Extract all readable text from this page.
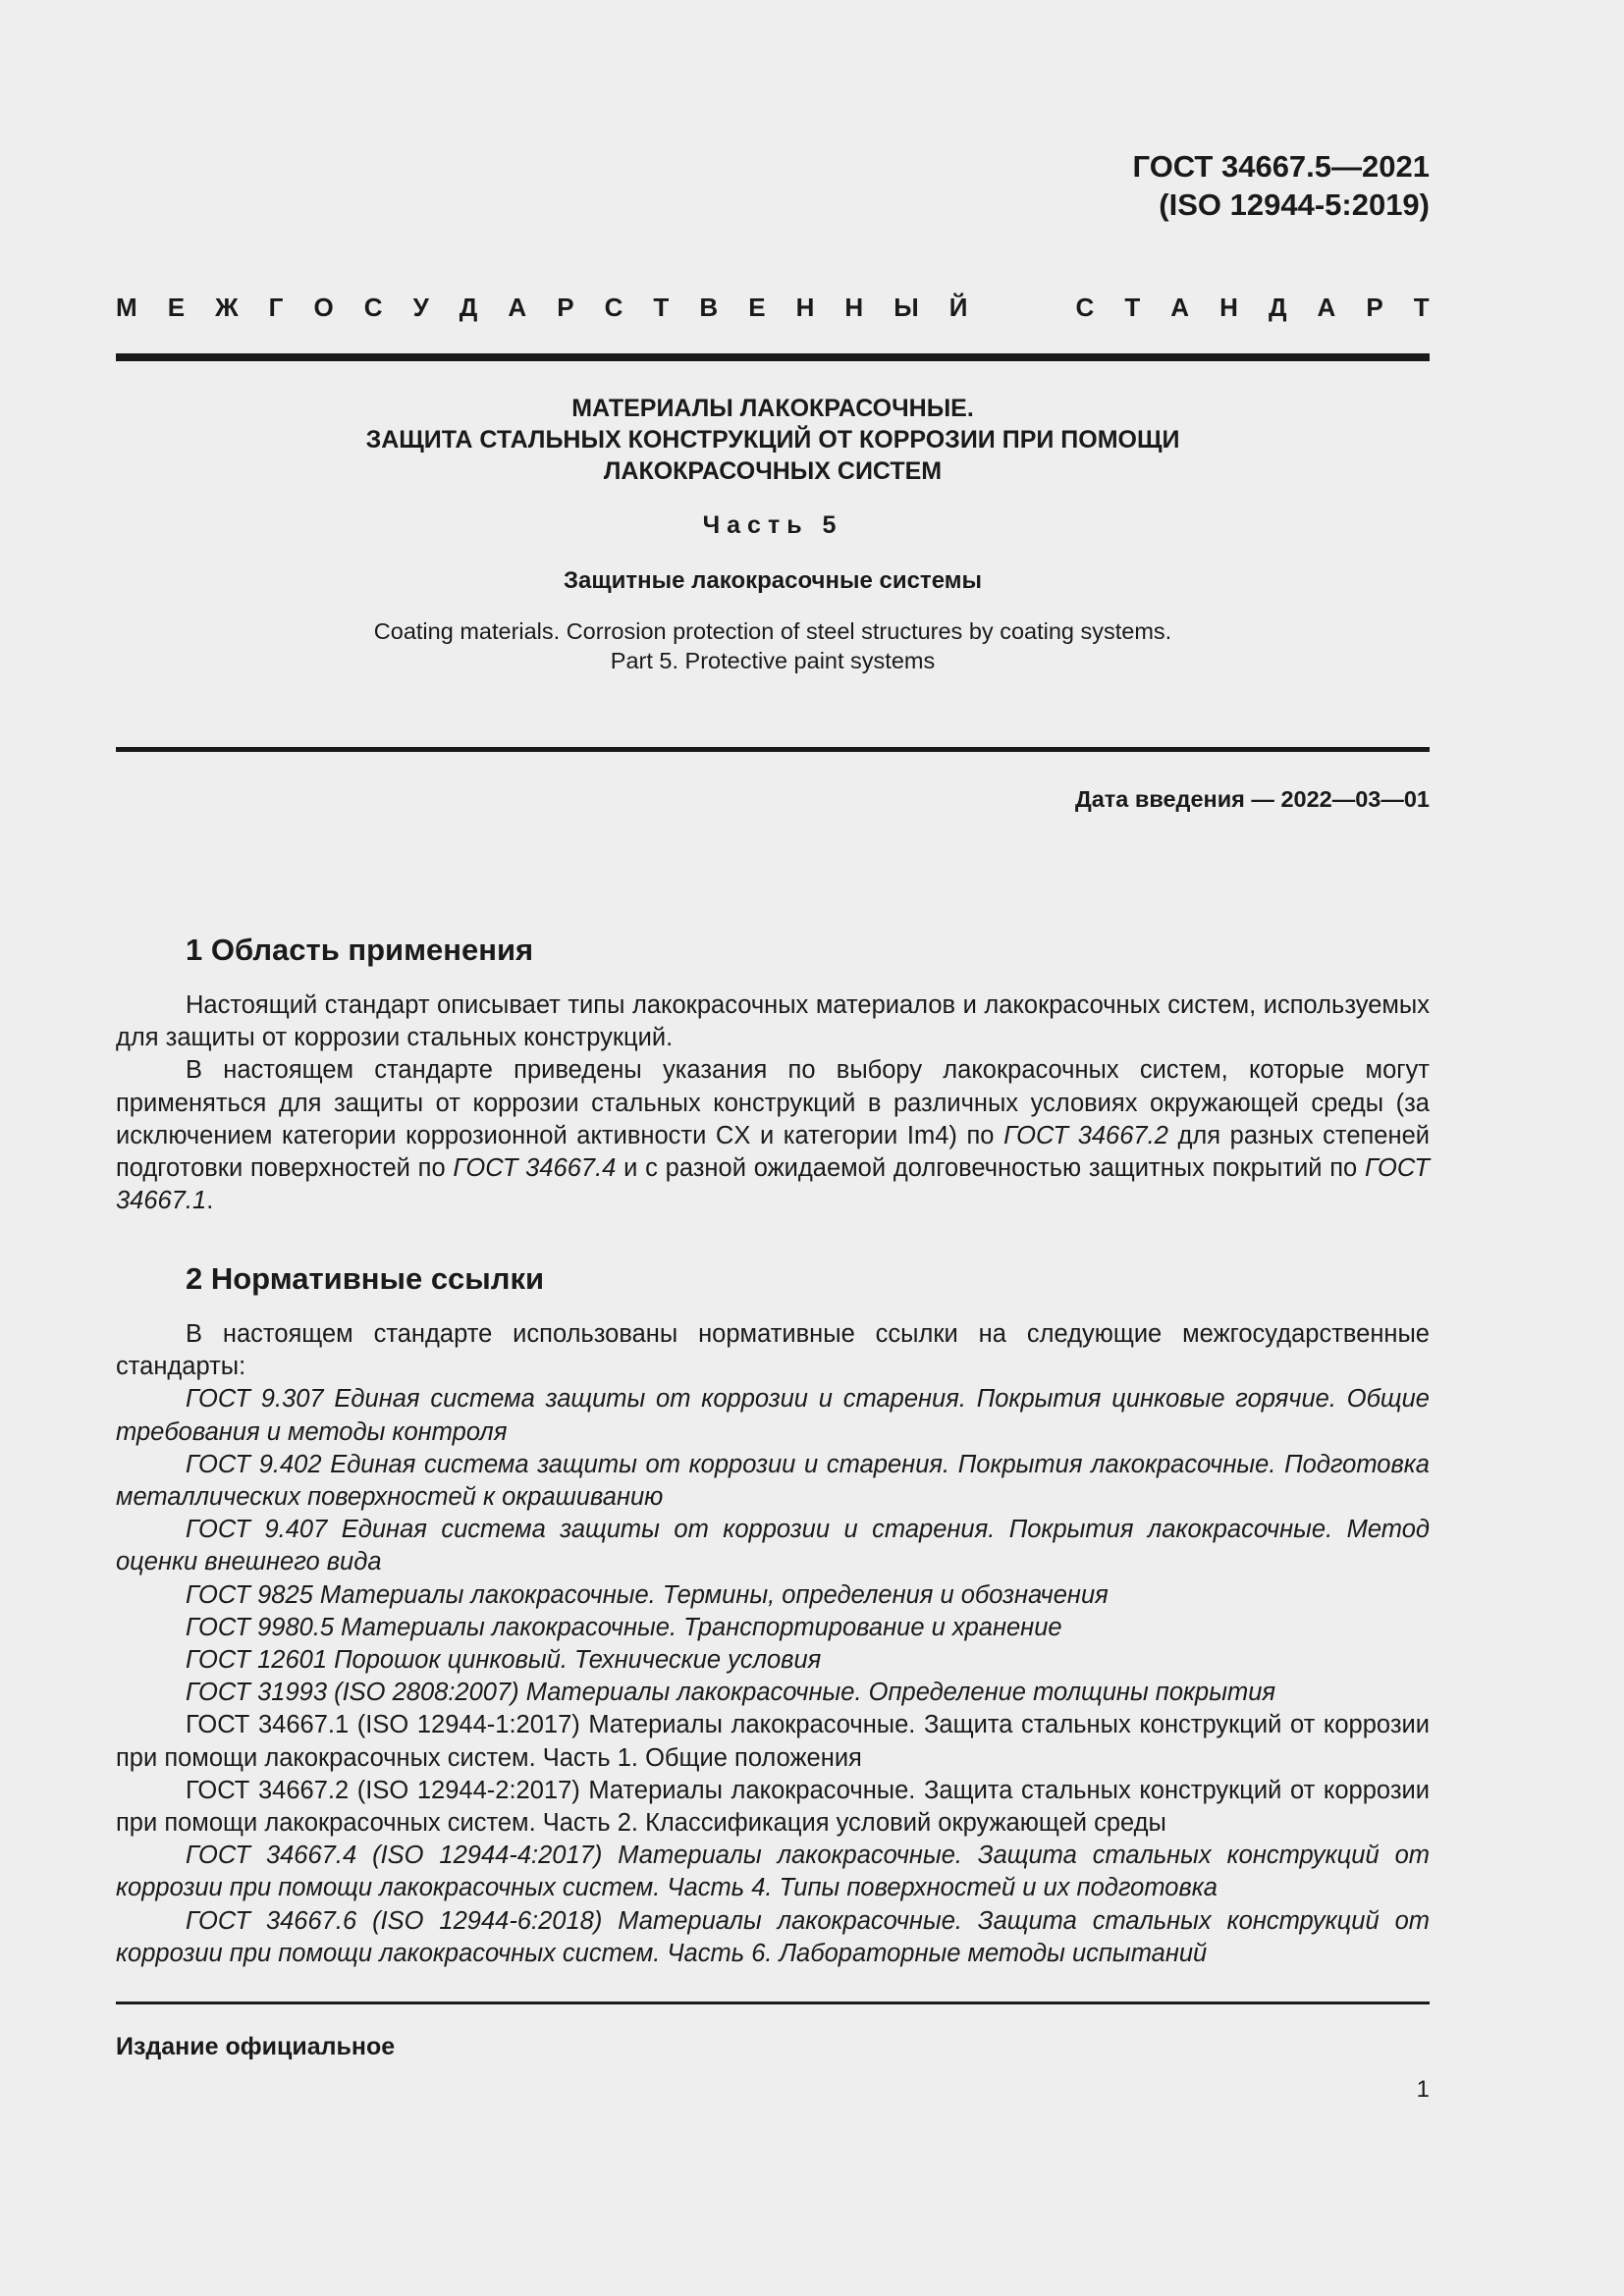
ГОСТ 34667.5—2021
(ISO 12944-5:2019)
М Е Ж Г О С У Д А Р С Т В Е Н Н Ы Й	С Т А Н Д А Р Т
МАТЕРИАЛЫ ЛАКОКРАСОЧНЫЕ.
ЗАЩИТА СТАЛЬНЫХ КОНСТРУКЦИЙ ОТ КОРРОЗИИ ПРИ ПОМОЩИ
ЛАКОКРАСОЧНЫХ СИСТЕМ
Часть 5
Защитные лакокрасочные системы
Coating materials. Corrosion protection of steel structures by coating systems.
Part 5. Protective paint systems
Дата введения — 2022—03—01
1 Область применения

Настоящий стандарт описывает типы лакокрасочных материалов и лакокрасочных систем, используемых для защиты от коррозии стальных конструкций.

В настоящем стандарте приведены указания по выбору лакокрасочных систем, которые могут применяться для защиты от коррозии стальных конструкций в различных условиях окружающей среды (за исключением категории коррозионной активности CX и категории Im4) по ГОСТ 34667.2 для разных степеней подготовки поверхностей по ГОСТ 34667.4 и с разной ожидаемой долговечностью защитных покрытий по ГОСТ 34667.1.

2 Нормативные ссылки

В настоящем стандарте использованы нормативные ссылки на следующие межгосударственные стандарты:

ГОСТ 9.307 Единая система защиты от коррозии и старения. Покрытия цинковые горячие. Общие требования и методы контроля

ГОСТ 9.402 Единая система защиты от коррозии и старения. Покрытия лакокрасочные. Подготовка металлических поверхностей к окрашиванию

ГОСТ 9.407 Единая система защиты от коррозии и старения. Покрытия лакокрасочные. Метод оценки внешнего вида

ГОСТ 9825 Материалы лакокрасочные. Термины, определения и обозначения

ГОСТ 9980.5 Материалы лакокрасочные. Транспортирование и хранение

ГОСТ 12601 Порошок цинковый. Технические условия

ГОСТ 31993 (ISO 2808:2007) Материалы лакокрасочные. Определение толщины покрытия

ГОСТ 34667.1 (ISO 12944-1:2017) Материалы лакокрасочные. Защита стальных конструкций от коррозии при помощи лакокрасочных систем. Часть 1. Общие положения

ГОСТ 34667.2 (ISO 12944-2:2017) Материалы лакокрасочные. Защита стальных конструкций от коррозии при помощи лакокрасочных систем. Часть 2. Классификация условий окружающей среды

ГОСТ 34667.4 (ISO 12944-4:2017) Материалы лакокрасочные. Защита стальных конструкций от коррозии при помощи лакокрасочных систем. Часть 4. Типы поверхностей и их подготовка

ГОСТ 34667.6 (ISO 12944-6:2018) Материалы лакокрасочные. Защита стальных конструкций от коррозии при помощи лакокрасочных систем. Часть 6. Лабораторные методы испытаний

Издание официальное
1
